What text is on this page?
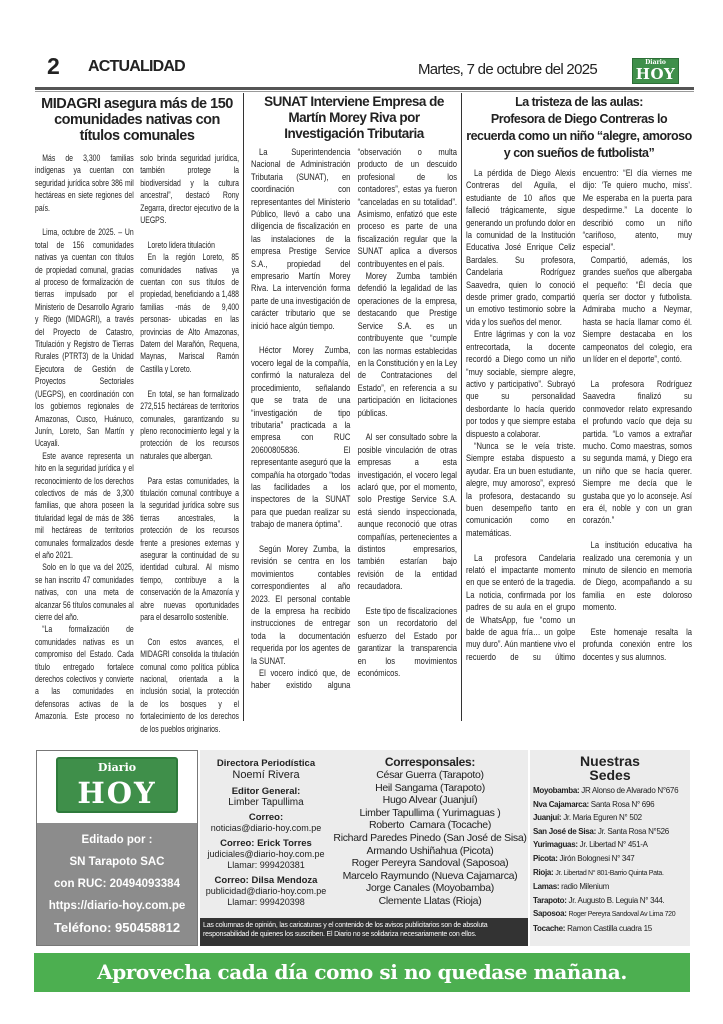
2 ACTUALIDAD	Martes, 7 de octubre del 2025	Diario
HOY
MIDAGRI asegura más de 150 comunidades nativas con títulos comunales

Más de 3,300 familias indígenas ya cuentan con seguridad jurídica sobre 386 mil hectáreas en siete regiones del país.

Lima, octubre de 2025. – Un total de 156 comunidades nativas ya cuentan con títulos de propiedad comunal, gracias al proceso de formalización de tierras impulsado por el Ministerio de Desarrollo Agrario y Riego (MIDAGRI), a través del Proyecto de Catastro, Titulación y Registro de Tierras Rurales (PTRT3) de la Unidad Ejecutora de Gestión de Proyectos Sectoriales (UEGPS), en coordinación con los gobiernos regionales de Amazonas, Cusco, Huánuco, Junín, Loreto, San Martín y Ucayali.

Este avance representa un hito en la seguridad jurídica y el reconocimiento de los derechos colectivos de más de 3,300 familias, que ahora poseen la titularidad legal de más de 386 mil hectáreas de territorios comunales formalizados desde el año 2021.

Solo en lo que va del 2025, se han inscrito 47 comunidades nativas, con una meta de alcanzar 56 títulos comunales al cierre del año.

“La formalización de comunidades nativas es un compromiso del Estado. Cada título entregado fortalece derechos colectivos y convierte a las comunidades en defensoras activas de la Amazonía. Este proceso no solo brinda seguridad jurídica, también protege la biodiversidad y la cultura ancestral”, destacó Rony Zegarra, director ejecutivo de la UEGPS.

Loreto lidera titulación

En la región Loreto, 85 comunidades nativas ya cuentan con sus títulos de propiedad, beneficiando a 1,488 familias -más de 9,400 personas- ubicadas en las provincias de Alto Amazonas, Datem del Marañón, Requena, Maynas, Mariscal Ramón Castilla y Loreto.

En total, se han formalizado 272,515 hectáreas de territorios comunales, garantizando su pleno reconocimiento legal y la protección de los recursos naturales que albergan.

Para estas comunidades, la titulación comunal contribuye a la seguridad jurídica sobre sus tierras ancestrales, la protección de los recursos frente a presiones externas y asegurar la continuidad de su identidad cultural. Al mismo tiempo, contribuye a la conservación de la Amazonía y abre nuevas oportunidades para el desarrollo sostenible.

Con estos avances, el MIDAGRI consolida la titulación comunal como política pública nacional, orientada a la inclusión social, la protección de los bosques y el fortalecimiento de los derechos de los pueblos originarios.

SUNAT Interviene Empresa de Martín Morey Riva por Investigación Tributaria

La Superintendencia Nacional de Administración Tributaria (SUNAT), en coordinación con representantes del Ministerio Público, llevó a cabo una diligencia de fiscalización en las instalaciones de la empresa Prestige Service S.A., propiedad del empresario Martín Morey Riva. La intervención forma parte de una investigación de carácter tributario que se inició hace algún tiempo.

Héctor Morey Zumba, vocero legal de la compañía, confirmó la naturaleza del procedimiento, señalando que se trata de una “investigación de tipo tributaria” practicada a la empresa con RUC 20600805836. El representante aseguró que la compañía ha otorgado “todas las facilidades a los inspectores de la SUNAT para que puedan realizar su trabajo de manera óptima”.

Según Morey Zumba, la revisión se centra en los movimientos contables correspondientes al año 2023. El personal contable de la empresa ha recibido instrucciones de entregar toda la documentación requerida por los agentes de la SUNAT.

El vocero indicó que, de haber existido alguna “observación o multa producto de un descuido profesional de los contadores”, estas ya fueron “canceladas en su totalidad”. Asimismo, enfatizó que este proceso es parte de una fiscalización regular que la SUNAT aplica a diversos contribuyentes en el país.

Morey Zumba también defendió la legalidad de las operaciones de la empresa, destacando que Prestige Service S.A. es un contribuyente que “cumple con las normas establecidas en la Constitución y en la Ley de Contrataciones del Estado”, en referencia a su participación en licitaciones públicas.

Al ser consultado sobre la posible vinculación de otras empresas a esta investigación, el vocero legal aclaró que, por el momento, solo Prestige Service S.A. está siendo inspeccionada, aunque reconoció que otras compañías, pertenecientes a distintos empresarios, también estarían bajo revisión de la entidad recaudadora.

Este tipo de fiscalizaciones son un recordatorio del esfuerzo del Estado por garantizar la transparencia en los movimientos económicos.

La tristeza de las aulas:
Profesora de Diego Contreras lo recuerda como un niño “alegre, amoroso y con sueños de futbolista”

La pérdida de Diego Alexis Contreras del Aguila, el estudiante de 10 años que falleció trágicamente, sigue generando un profundo dolor en la comunidad de la Institución Educativa José Enrique Celiz Bardales. Su profesora, Candelaria Rodríguez Saavedra, quien lo conoció desde primer grado, compartió un emotivo testimonio sobre la vida y los sueños del menor.

Entre lágrimas y con la voz entrecortada, la docente recordó a Diego como un niño “muy sociable, siempre alegre, activo y participativo”. Subrayó que su personalidad desbordante lo hacía querido por todos y que siempre estaba dispuesto a colaborar.

“Nunca se le veía triste. Siempre estaba dispuesto a ayudar. Era un buen estudiante, alegre, muy amoroso”, expresó la profesora, destacando su buen desempeño tanto en comunicación como en matemáticas.

La profesora Candelaria relató el impactante momento en que se enteró de la tragedia. La noticia, confirmada por los padres de su aula en el grupo de WhatsApp, fue “como un balde de agua fría… un golpe muy duro”. Aún mantiene vivo el recuerdo de su último encuentro: “El día viernes me dijo: ‘Te quiero mucho, miss’. Me esperaba en la puerta para despedirme.” La docente lo describió como un niño “cariñoso, atento, muy especial”.

Compartió, además, los grandes sueños que albergaba el pequeño: “Él decía que quería ser doctor y futbolista. Admiraba mucho a Neymar, hasta se hacía llamar como él. Siempre destacaba en los campeonatos del colegio, era un líder en el deporte”, contó.

La profesora Rodríguez Saavedra finalizó su conmovedor relato expresando el profundo vacío que deja su partida. “Lo vamos a extrañar mucho. Como maestras, somos su segunda mamá, y Diego era un niño que se hacía querer. Siempre me decía que le gustaba que yo lo aconseje. Así era él, noble y con un gran corazón.”

La institución educativa ha realizado una ceremonia y un minuto de silencio en memoria de Diego, acompañando a su familia en este doloroso momento.

Este homenaje resalta la profunda conexión entre los docentes y sus alumnos.

Diario
HOY
Editado por :
SN Tarapoto SAC
con RUC: 20494093384
https://diario-hoy.com.pe
Teléfono: 950458812
Directora Periodística
Noemí Rivera
Editor General:
Limber Tapullima
Correo:
noticias@diario-hoy.com.pe
Correo: Erick Torres
judiciales@diario-hoy.com.pe
Llamar: 999420381
Correo: Dilsa Mendoza
publicidad@diario-hoy.com.pe
Llamar: 999420398
Corresponsales:
César Guerra (Tarapoto)
Heil Sangama (Tarapoto)
Hugo Alvear (Juanjuí)
Limber Tapullima ( Yurimaguas )
Roberto  Camara (Tocache)
Richard Paredes Pinedo (San José de Sisa)
Armando Ushiñahua (Picota)
Roger Pereyra Sandoval (Saposoa)
Marcelo Raymundo (Nueva Cajamarca)
Jorge Canales (Moyobamba)
Clemente Llatas (Rioja)
Las columnas de opinión, las caricaturas y el contenido de los avisos publicitarios son de absoluta responsabilidad de quienes los suscriben. El Diario no se solidariza necesariamente con ellos.
Nuestras
Sedes
Moyobamba: JR Alonso de Alvarado N°676
Nva Cajamarca: Santa Rosa N° 696
Juanjuí: Jr. Maria Eguren N° 502
San José de Sisa: Jr. Santa Rosa N°526
Yurimaguas: Jr. Libertad N° 451-A
Picota: Jirón Bolognesi N° 347
Rioja: Jr. Libertad N° 801-Barrio Quinta Pata.
Lamas: radio Milenium
Tarapoto: Jr. Augusto B. Leguia N° 344.
Saposoa: Roger Pereyra Sandoval Av Lima 720
Tocache: Ramon Castilla cuadra 15
Aprovecha cada día como si no quedase mañana.
